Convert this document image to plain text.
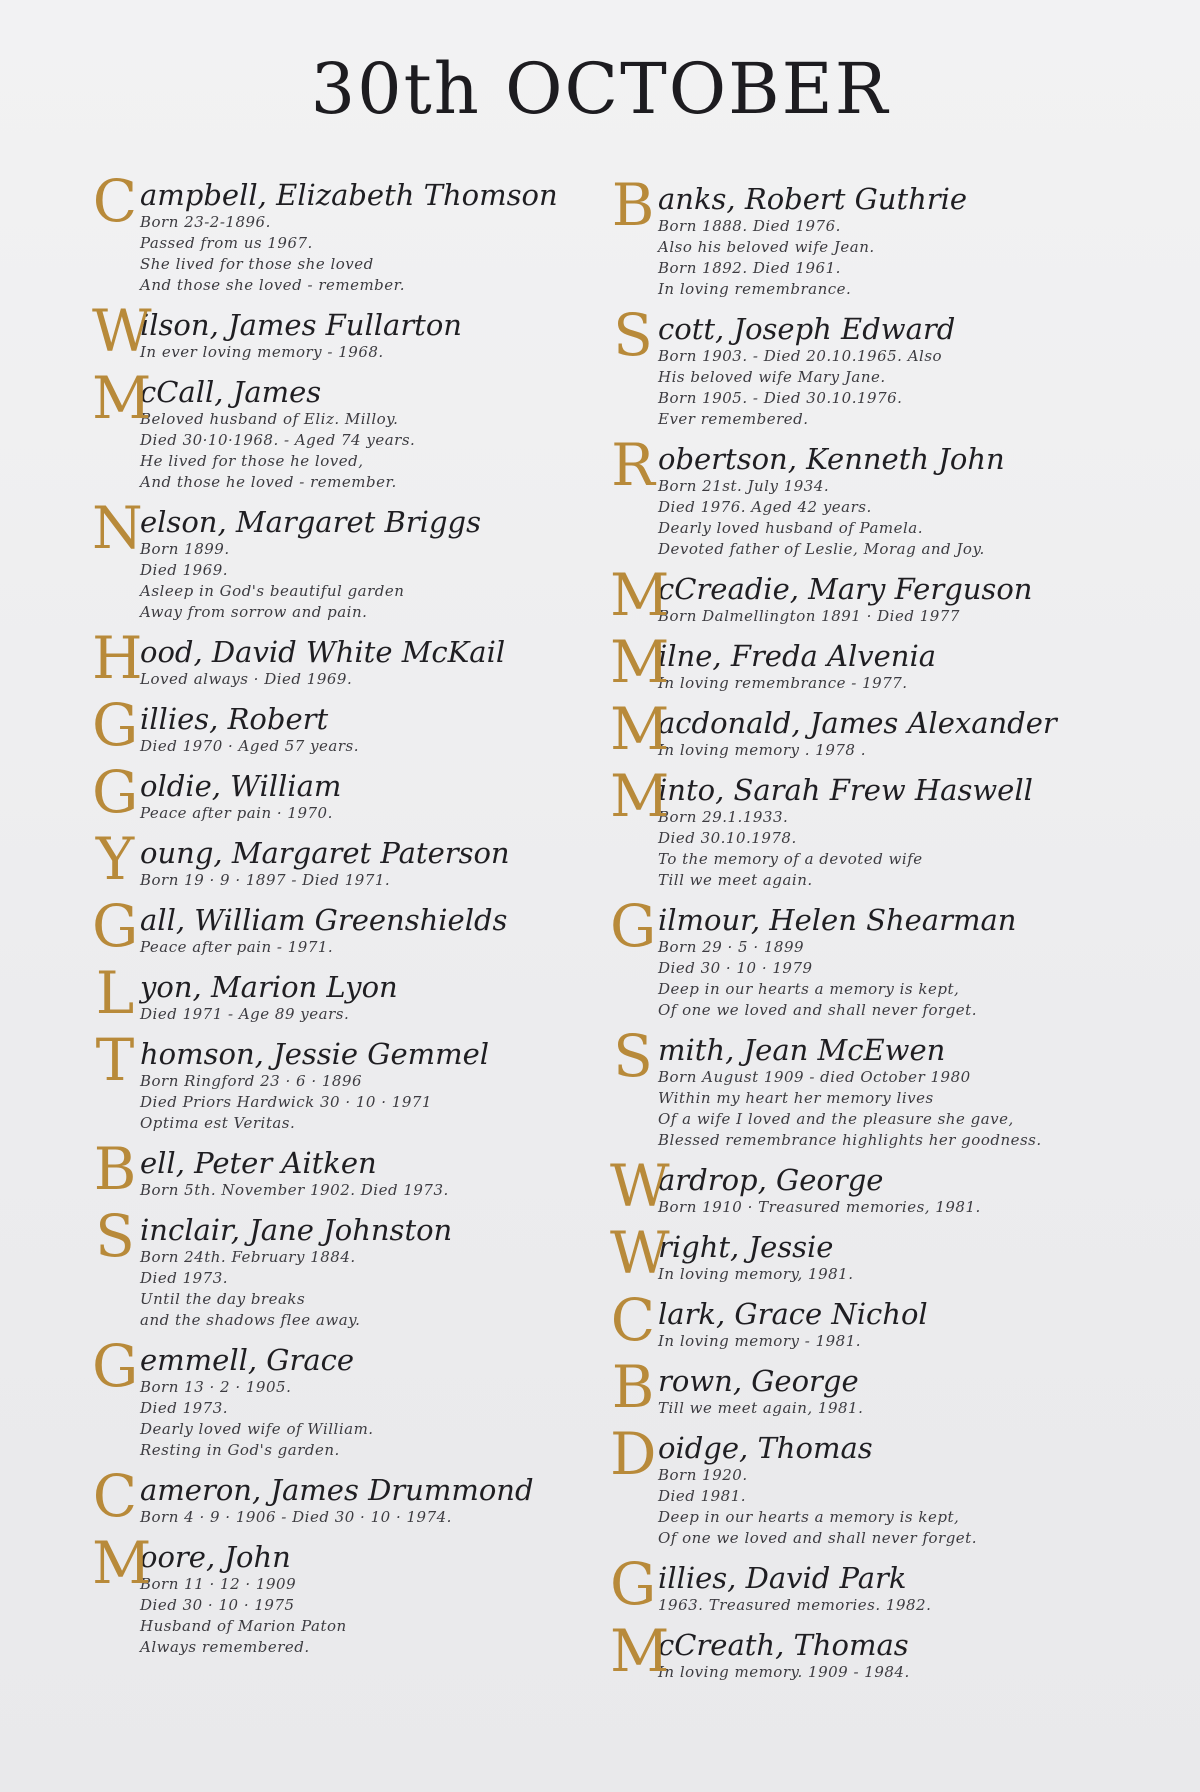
30th OCTOBER
C ampbell, Elizabeth Thomson
Born 23-2-1896.
Passed from us 1967.
She lived for those she loved
And those she loved - remember.
W
ilson, James Fullarton
In ever loving memory - 1968.
M
cCall, James
Beloved husband of Eliz. Milloy.
Died 30·10·1968. - Aged 74 years.
He lived for those he loved,
And those he loved - remember.
N
elson, Margaret Briggs
Born 1899.
Died 1969.
Asleep in God's beautiful garden
Away from sorrow and pain.
H
ood, David White McKail
Loved always · Died 1969.
G illies, Robert
Died 1970 · Aged 57 years.
G oldie, William
Peace after pain · 1970.
Y oung, Margaret Paterson
Born 19 · 9 · 1897 - Died 1971.
G all, William Greenshields
Peace after pain - 1971.
L yon, Marion Lyon
Died 1971 - Age 89 years.
T homson, Jessie Gemmel
Born Ringford 23 · 6 · 1896
Died Priors Hardwick 30 · 10 · 1971
Optima est Veritas.
B ell, Peter Aitken
Born 5th. November 1902. Died 1973.
S inclair, Jane Johnston
Born 24th. February 1884.
Died 1973.
Until the day breaks
and the shadows flee away.
G emmell, Grace
Born 13 · 2 · 1905.
Died 1973.
Dearly loved wife of William.
Resting in God's garden.
C ameron, James Drummond
Born 4 · 9 · 1906 - Died 30 · 10 · 1974.
M
oore, John
Born 11 · 12 · 1909
Died 30 · 10 · 1975
Husband of Marion Paton
Always remembered.
B anks, Robert Guthrie
Born 1888. Died 1976.
Also his beloved wife Jean.
Born 1892. Died 1961.
In loving remembrance.
S cott, Joseph Edward
Born 1903. - Died 20.10.1965. Also
His beloved wife Mary Jane.
Born 1905. - Died 30.10.1976.
Ever remembered.
R obertson, Kenneth John
Born 21st. July 1934.
Died 1976. Aged 42 years.
Dearly loved husband of Pamela.
Devoted father of Leslie, Morag and Joy.
M
cCreadie, Mary Ferguson
Born Dalmellington 1891 · Died 1977
M
ilne, Freda Alvenia
In loving remembrance - 1977.
M
acdonald, James Alexander
In loving memory . 1978 .
M
into, Sarah Frew Haswell
Born 29.1.1933.
Died 30.10.1978.
To the memory of a devoted wife
Till we meet again.
G ilmour, Helen Shearman
Born 29 · 5 · 1899
Died 30 · 10 · 1979
Deep in our hearts a memory is kept,
Of one we loved and shall never forget.
S mith, Jean McEwen
Born August 1909 - died October 1980
Within my heart her memory lives
Of a wife I loved and the pleasure she gave,
Blessed remembrance highlights her goodness.
W
ardrop, George
Born 1910 · Treasured memories, 1981.
W
right, Jessie
In loving memory, 1981.
C lark, Grace Nichol
In loving memory - 1981.
B rown, George
Till we meet again, 1981.
D oidge, Thomas
Born 1920.
Died 1981.
Deep in our hearts a memory is kept,
Of one we loved and shall never forget.
G illies, David Park
1963. Treasured memories. 1982.
M
cCreath, Thomas
In loving memory. 1909 - 1984.
